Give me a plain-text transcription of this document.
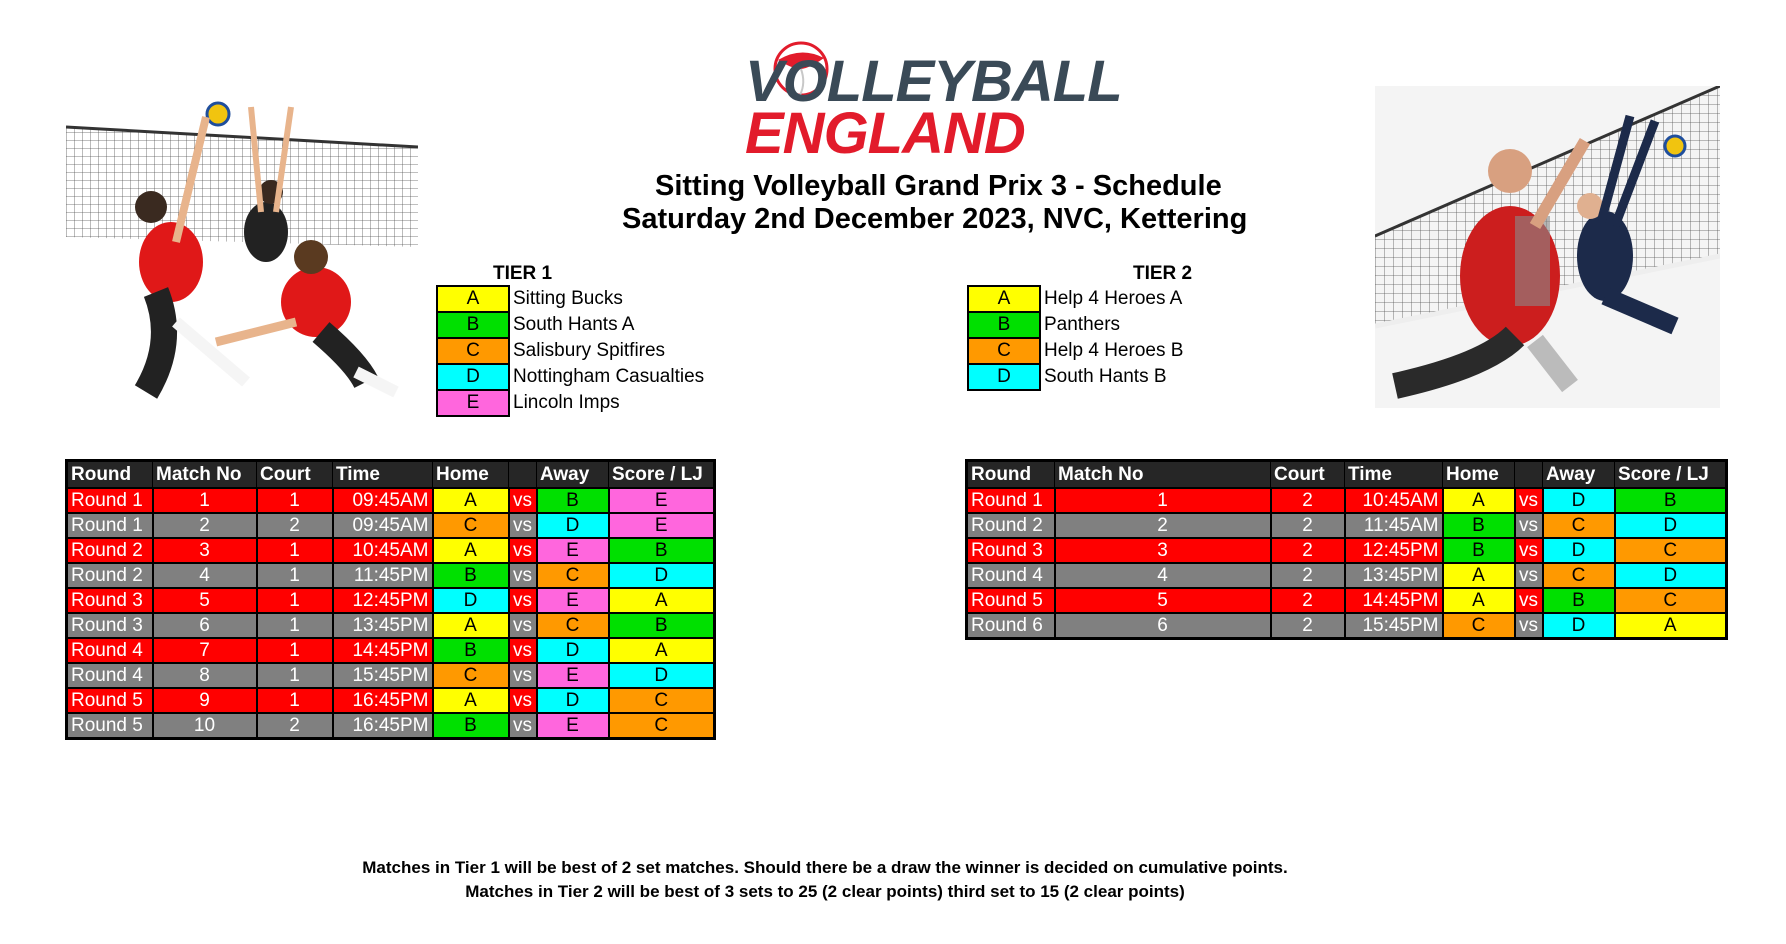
VOLLEYBALL
ENGLAND
Sitting Volleyball Grand Prix 3 - Schedule
Saturday 2nd December 2023, NVC, Kettering
TIER 1
A	Sitting Bucks
B	South Hants A
C	Salisbury Spitfires
D	Nottingham Casualties
E	Lincoln Imps
TIER 2
A	Help 4 Heroes A
B	Panthers
C	Help 4 Heroes B
D	South Hants B
Round	Match No	Court	Time	Home		Away	Score / LJ
Round 1	1	1	09:45AM	A	vs	B	E
Round 1	2	2	09:45AM	C	vs	D	E
Round 2	3	1	10:45AM	A	vs	E	B
Round 2	4	1	11:45PM	B	vs	C	D
Round 3	5	1	12:45PM	D	vs	E	A
Round 3	6	1	13:45PM	A	vs	C	B
Round 4	7	1	14:45PM	B	vs	D	A
Round 4	8	1	15:45PM	C	vs	E	D
Round 5	9	1	16:45PM	A	vs	D	C
Round 5	10	2	16:45PM	B	vs	E	C
Round	Match No	Court	Time	Home		Away	Score / LJ
Round 1	1	2	10:45AM	A	vs	D	B
Round 2	2	2	11:45AM	B	vs	C	D
Round 3	3	2	12:45PM	B	vs	D	C
Round 4	4	2	13:45PM	A	vs	C	D
Round 5	5	2	14:45PM	A	vs	B	C
Round 6	6	2	15:45PM	C	vs	D	A
Matches in Tier 1 will be best of 2 set matches. Should there be a draw the winner is decided on cumulative points.
Matches in Tier 2 will be best of 3 sets to 25 (2 clear points) third set to 15 (2 clear points)
